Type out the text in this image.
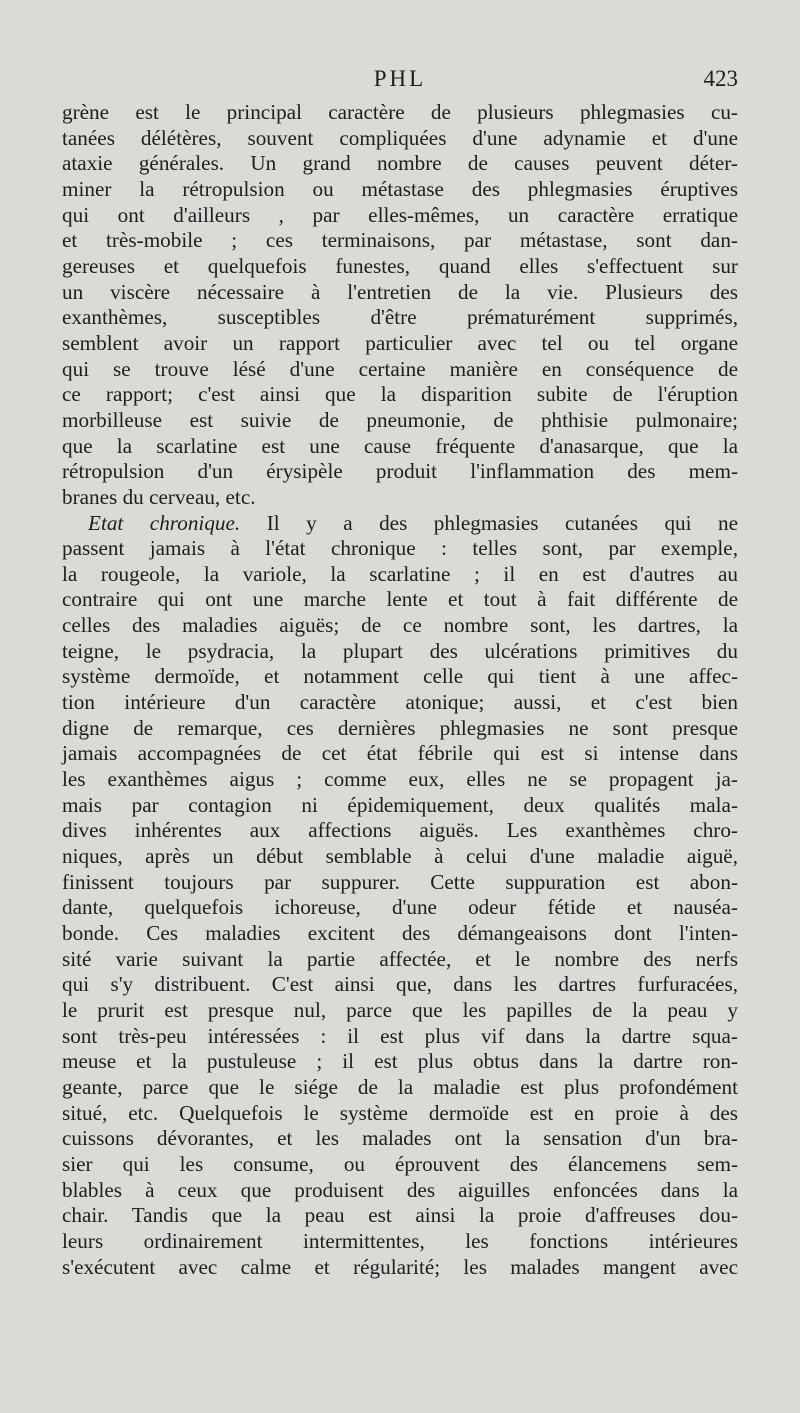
PHL	423
grène est le principal caractère de plusieurs phlegmasies cu-
tanées délétères, souvent compliquées d'une adynamie et d'une
ataxie générales. Un grand nombre de causes peuvent déter-
miner la rétropulsion ou métastase des phlegmasies éruptives
qui ont d'ailleurs , par elles-mêmes, un caractère erratique
et très-mobile ; ces terminaisons, par métastase, sont dan-
gereuses et quelquefois funestes, quand elles s'effectuent sur
un viscère nécessaire à l'entretien de la vie. Plusieurs des
exanthèmes, susceptibles d'être prématurément supprimés,
semblent avoir un rapport particulier avec tel ou tel organe
qui se trouve lésé d'une certaine manière en conséquence de
ce rapport; c'est ainsi que la disparition subite de l'éruption
morbilleuse est suivie de pneumonie, de phthisie pulmonaire;
que la scarlatine est une cause fréquente d'anasarque, que la
rétropulsion d'un érysipèle produit l'inflammation des mem-
branes du cerveau, etc.
Etat chronique. Il y a des phlegmasies cutanées qui ne
passent jamais à l'état chronique : telles sont, par exemple,
la rougeole, la variole, la scarlatine ; il en est d'autres au
contraire qui ont une marche lente et tout à fait différente de
celles des maladies aiguës; de ce nombre sont, les dartres, la
teigne, le psydracia, la plupart des ulcérations primitives du
système dermoïde, et notamment celle qui tient à une affec-
tion intérieure d'un caractère atonique; aussi, et c'est bien
digne de remarque, ces dernières phlegmasies ne sont presque
jamais accompagnées de cet état fébrile qui est si intense dans
les exanthèmes aigus ; comme eux, elles ne se propagent ja-
mais par contagion ni épidemiquement, deux qualités mala-
dives inhérentes aux affections aiguës. Les exanthèmes chro-
niques, après un début semblable à celui d'une maladie aiguë,
finissent toujours par suppurer. Cette suppuration est abon-
dante, quelquefois ichoreuse, d'une odeur fétide et nauséa-
bonde. Ces maladies excitent des démangeaisons dont l'inten-
sité varie suivant la partie affectée, et le nombre des nerfs
qui s'y distribuent. C'est ainsi que, dans les dartres furfuracées,
le prurit est presque nul, parce que les papilles de la peau y
sont très-peu intéressées : il est plus vif dans la dartre squa-
meuse et la pustuleuse ; il est plus obtus dans la dartre ron-
geante, parce que le siége de la maladie est plus profondément
situé, etc. Quelquefois le système dermoïde est en proie à des
cuissons dévorantes, et les malades ont la sensation d'un bra-
sier qui les consume, ou éprouvent des élancemens sem-
blables à ceux que produisent des aiguilles enfoncées dans la
chair. Tandis que la peau est ainsi la proie d'affreuses dou-
leurs ordinairement intermittentes, les fonctions intérieures
s'exécutent avec calme et régularité; les malades mangent avec
